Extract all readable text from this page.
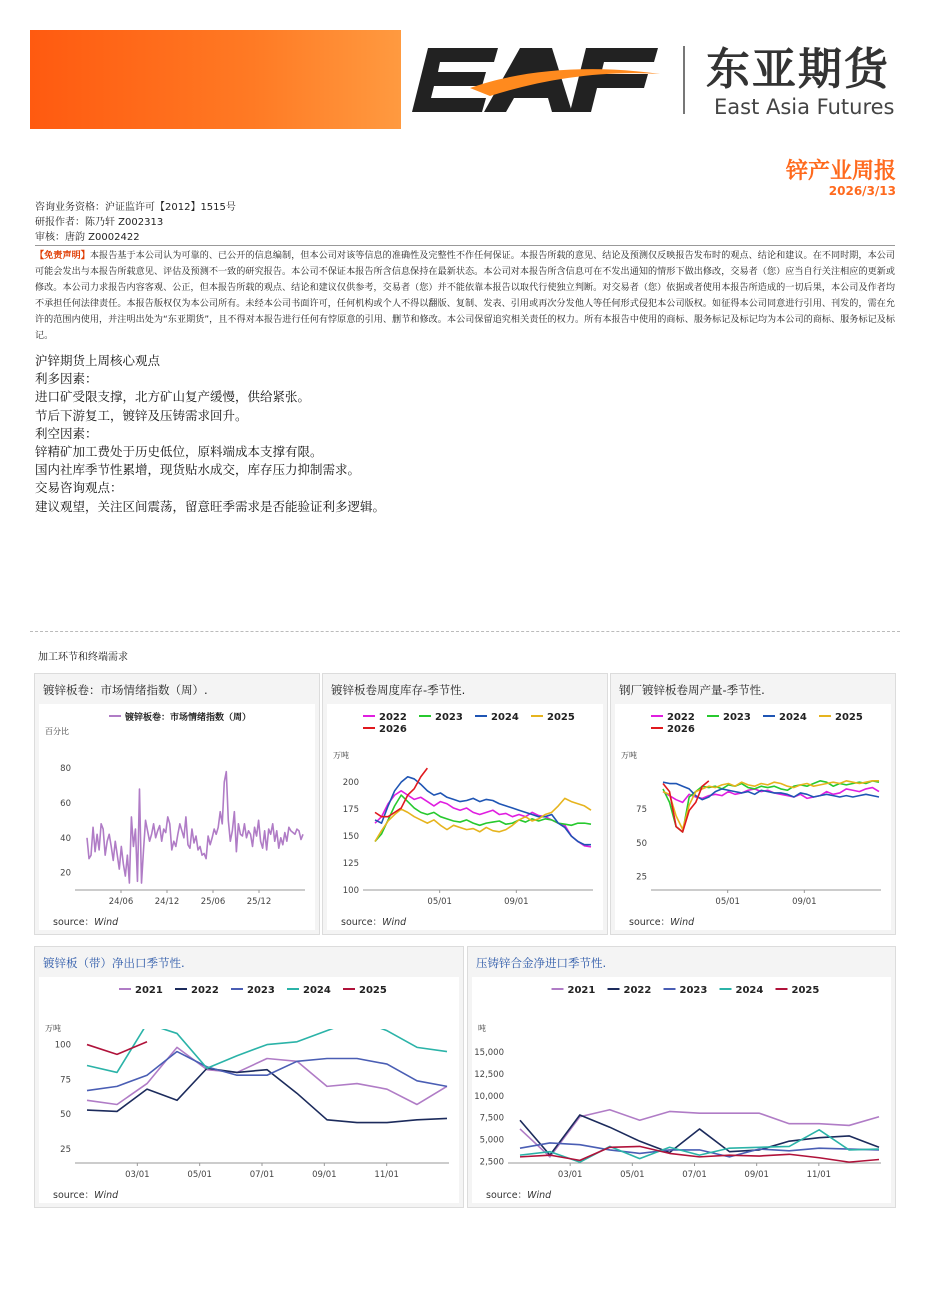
东亚期货
East Asia Futures
锌产业周报
2026/3/13
咨询业务资格：沪证监许可【2012】1515号
研报作者：陈乃轩 Z002313
审核：唐韵 Z0002422
【免责声明】本报告基于本公司认为可靠的、已公开的信息编制，但本公司对该等信息的准确性及完整性不作任何保证。本报告所载的意见、结论及预测仅反映报告发布时的观点、结论和建议。在不同时期，本公司可能会发出与本报告所载意见、评估及预测不一致的研究报告。本公司不保证本报告所含信息保持在最新状态。本公司对本报告所含信息可在不发出通知的情形下做出修改，交易者（您）应当自行关注相应的更新或修改。本公司力求报告内容客观、公正，但本报告所载的观点、结论和建议仅供参考，交易者（您）并不能依靠本报告以取代行使独立判断。对交易者（您）依据或者使用本报告所造成的一切后果，本公司及作者均不承担任何法律责任。本报告版权仅为本公司所有。未经本公司书面许可，任何机构或个人不得以翻版、复制、发表、引用或再次分发他人等任何形式侵犯本公司版权。如征得本公司同意进行引用、刊发的，需在允许的范围内使用，并注明出处为“东亚期货”，且不得对本报告进行任何有悖原意的引用、删节和修改。本公司保留追究相关责任的权力。所有本报告中使用的商标、服务标记及标记均为本公司的商标、服务标记及标记。
沪锌期货上周核心观点
利多因素：
进口矿受限支撑，北方矿山复产缓慢，供给紧张。
节后下游复工，镀锌及压铸需求回升。
利空因素：
锌精矿加工费处于历史低位，原料端成本支撑有限。
国内社库季节性累增，现货贴水成交，库存压力抑制需求。
交易咨询观点：
建议观望，关注区间震荡，留意旺季需求是否能验证利多逻辑。
加工环节和终端需求
镀锌板卷：市场情绪指数（周）.
百分比
20
40
60
80
24/06	24/12	25/06	25/12
镀锌板卷：市场情绪指数（周）
source：Wind
镀锌板卷周度库存-季节性.
万吨
100
125
150
175
200
05/01	09/01
2022	2023	2024	2025
2026
source：Wind
钢厂镀锌板卷周产量-季节性.
万吨
25
50
75
05/01	09/01
2022	2023	2024	2025
2026
source：Wind
镀锌板（带）净出口季节性.
万吨
25
50
75
100
03/01	05/01	07/01	09/01	11/01
2021	2022	2023	2024	2025
source：Wind
压铸锌合金净进口季节性.
吨
2,500
5,000
7,500
10,000
12,500
15,000
03/01	05/01	07/01	09/01	11/01
2021	2022	2023	2024	2025
source：Wind
